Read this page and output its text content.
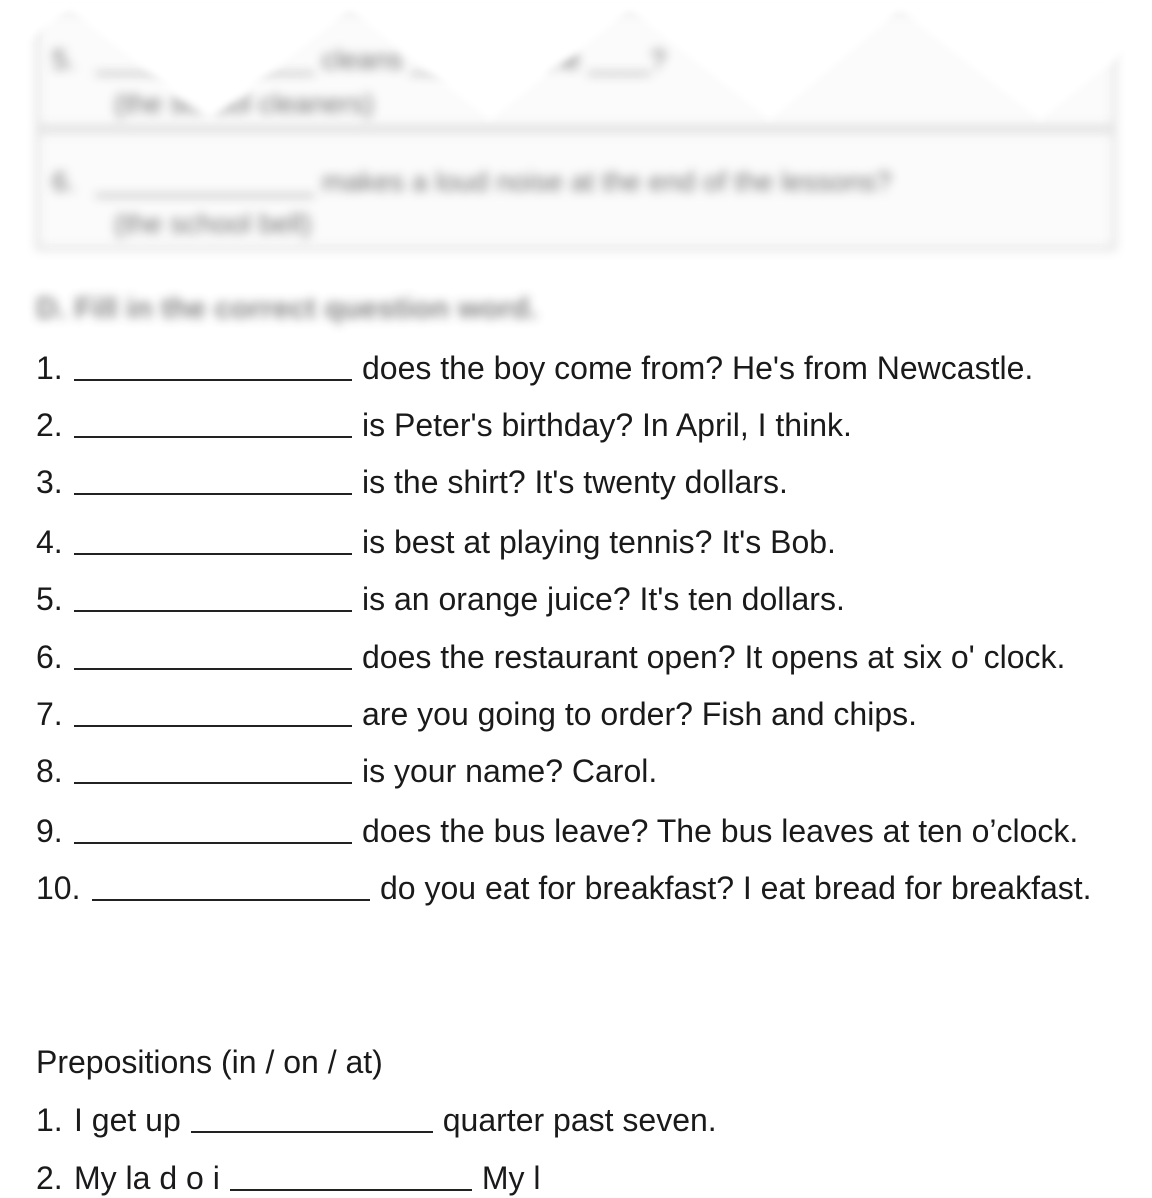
5. ______________ cleans ______ in the ____?
(the school cleaners)
6. ______________ makes a loud noise at the end of the lessons?
(the school bell)
D. Fill in the correct question word.
1.	does the boy come from? He's from Newcastle.
2.	is Peter's birthday? In April, I think.
3.	is the shirt? It's twenty dollars.
4.	is best at playing tennis? It's Bob.
5.	is an orange juice? It's ten dollars.
6.	does the restaurant open? It opens at six o' clock.
7.	are you going to order? Fish and chips.
8.	is your name? Carol.
9.	does the bus leave? The bus leaves at ten o’clock.
10.	do you eat for breakfast? I eat bread for breakfast.
Prepositions (in / on / at)
1. I get up	quarter past seven.
2. My la d o i	My l
